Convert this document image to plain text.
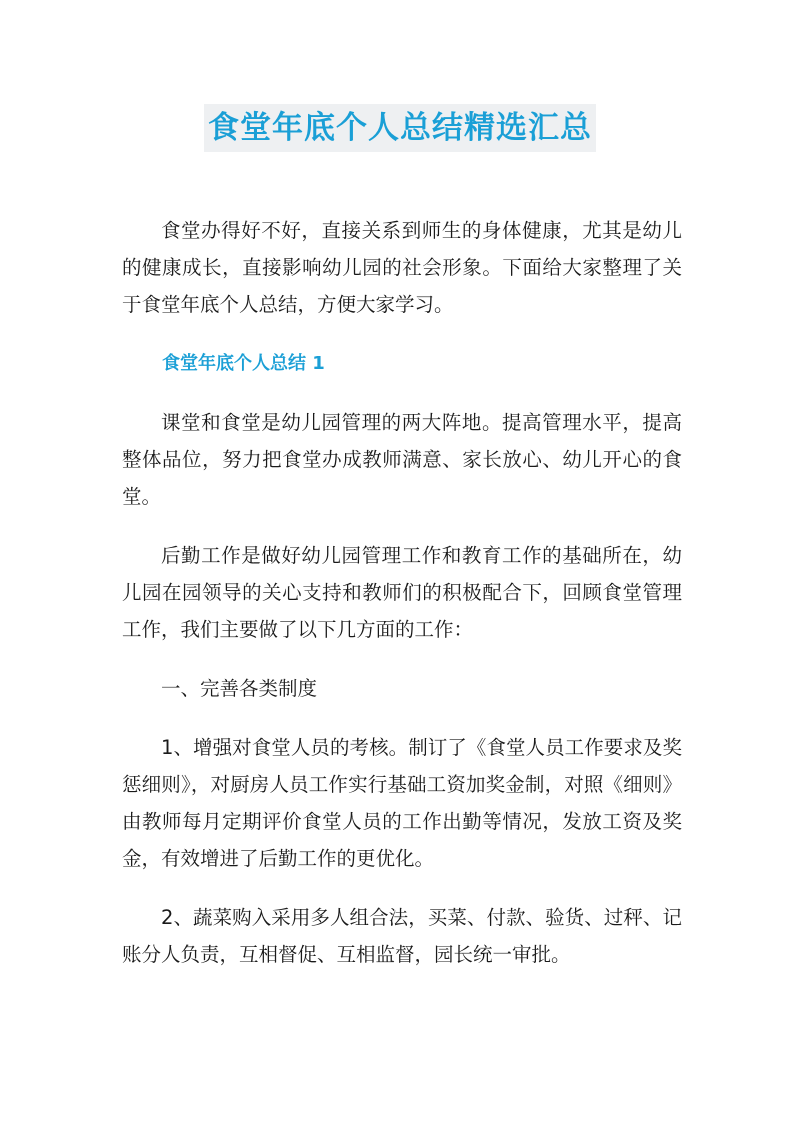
食堂年底个人总结精选汇总

食堂办得好不好，直接关系到师生的身体健康，尤其是幼儿的健康成长，直接影响幼儿园的社会形象。下面给大家整理了关于食堂年底个人总结，方便大家学习。

食堂年底个人总结 1

课堂和食堂是幼儿园管理的两大阵地。提高管理水平，提高整体品位，努力把食堂办成教师满意、家长放心、幼儿开心的食堂。

后勤工作是做好幼儿园管理工作和教育工作的基础所在，幼儿园在园领导的关心支持和教师们的积极配合下，回顾食堂管理工作，我们主要做了以下几方面的工作：

一、完善各类制度

1、增强对食堂人员的考核。制订了《食堂人员工作要求及奖惩细则》，对厨房人员工作实行基础工资加奖金制，对照《细则》由教师每月定期评价食堂人员的工作出勤等情况，发放工资及奖金，有效增进了后勤工作的更优化。

2、蔬菜购入采用多人组合法，买菜、付款、验货、过秤、记账分人负责，互相督促、互相监督，园长统一审批。
